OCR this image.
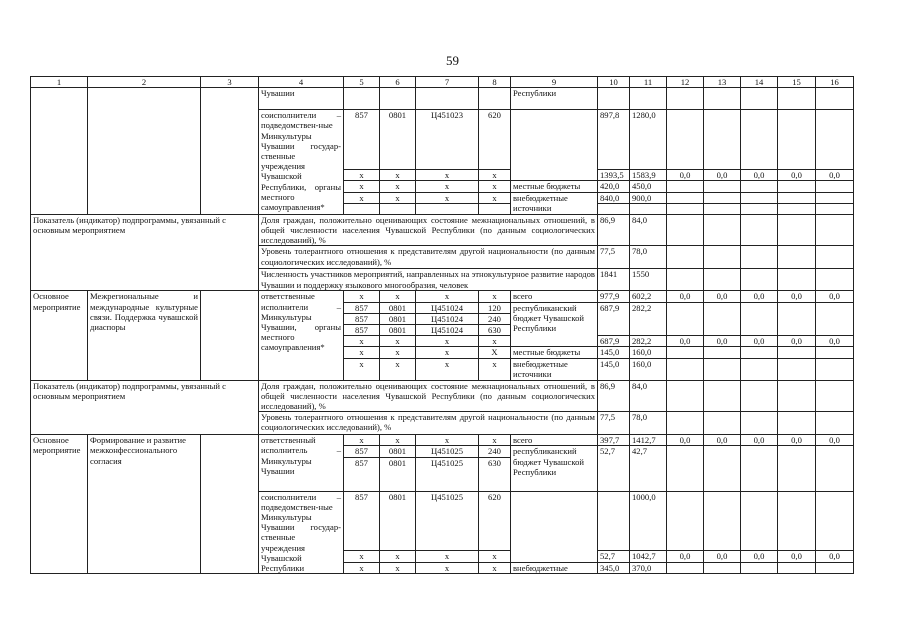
59
1	2	3	4	5	6	7	8	9	10	11	12	13	14	15	16
			Чувашии					Республики							
			соисполнители – подведомствен-ные Минкультуры Чувашии государ-ственные учреждения Чувашской Республики, органы местного самоуправления*	857	0801	Ц451023	620		897,8	1280,0					
				x	x	x	x		1393,5	1583,9	0,0	0,0	0,0	0,0	0,0
				x	x	x	x	местные бюджеты	420,0	450,0					
				x	x	x	x	внебюджетные источники	840,0	900,0					

Показатель (индикатор) подпрограммы, увязанный с основным мероприятием			Доля граждан, положительно оценивающих состояние межнациональных отношений, в общей численности населения Чувашской Республики (по данным социологических исследований), %						86,9	84,0					
			Уровень толерантного отношения к представителям другой национальности (по данным социологических исследований), %						77,5	78,0					
			Численность участников мероприятий, направленных на этнокультурное развитие народов Чувашии и поддержку языкового многообразия, человек						1841	1550					
Основное мероприятие	Межрегиональные и международные культурные связи. Поддержка чувашской диаспоры		ответственные исполнители – Минкультуры Чувашии, органы местного самоуправления*	x	x	x	x	всего	977,9	602,2	0,0	0,0	0,0	0,0	0,0
				857	0801	Ц451024	120	республиканский бюджет Чувашской Республики	687,9	282,2					
				857	0801	Ц451024	240								
				857	0801	Ц451024	630								
				x	x	x	x		687,9	282,2	0,0	0,0	0,0	0,0	0,0
				x	x	x	X	местные бюджеты	145,0	160,0					
				x	x	x	x	внебюджетные источники	145,0	160,0					
Показатель (индикатор) подпрограммы, увязанный с основным мероприятием			Доля граждан, положительно оценивающих состояние межнациональных отношений, в общей численности населения Чувашской Республики (по данным социологических исследований), %						86,9	84,0					
			Уровень толерантного отношения к представителям другой национальности (по данным социологических исследований), %						77,5	78,0					
Основное мероприятие	Формирование и развитие межконфессионального согласия		ответственный исполнитель – Минкультуры Чувашии	x	x	x	x	всего	397,7	1412,7	0,0	0,0	0,0	0,0	0,0
				857	0801	Ц451025	240	республиканский бюджет Чувашской Республики	52,7	42,7					
				857	0801	Ц451025	630								
			соисполнители – подведомствен-ные Минкультуры Чувашии государ-ственные учреждения Чувашской Республики	857	0801	Ц451025	620			1000,0					
				x	x	x	x		52,7	1042,7	0,0	0,0	0,0	0,0	0,0
				x	x	x	x	внебюджетные	345,0	370,0					
